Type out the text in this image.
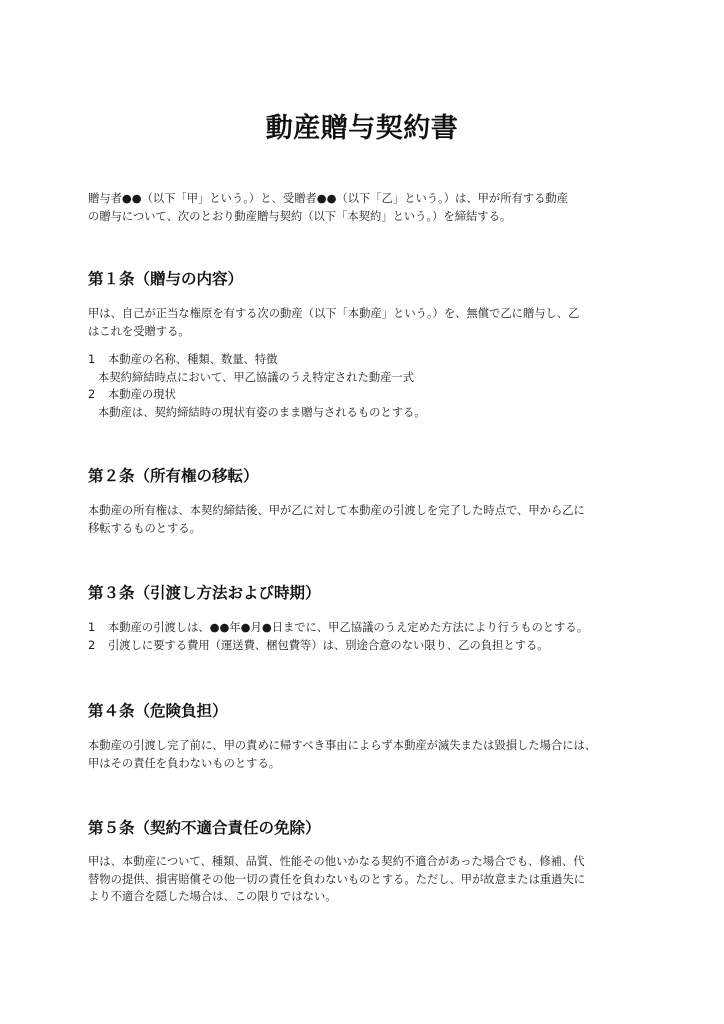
動産贈与契約書
贈与者●●（以下「甲」という。）と、受贈者●●（以下「乙」という。）は、甲が所有する動産
の贈与について、次のとおり動産贈与契約（以下「本契約」という。）を締結する。
第１条（贈与の内容）
甲は、自己が正当な権原を有する次の動産（以下「本動産」という。）を、無償で乙に贈与し、乙
はこれを受贈する。
1 本動産の名称、種類、数量、特徴
本契約締結時点において、甲乙協議のうえ特定された動産一式
2 本動産の現状
本動産は、契約締結時の現状有姿のまま贈与されるものとする。
第２条（所有権の移転）
本動産の所有権は、本契約締結後、甲が乙に対して本動産の引渡しを完了した時点で、甲から乙に
移転するものとする。
第３条（引渡し方法および時期）
1 本動産の引渡しは、●●年●月●日までに、甲乙協議のうえ定めた方法により行うものとする。
2 引渡しに要する費用（運送費、梱包費等）は、別途合意のない限り、乙の負担とする。
第４条（危険負担）
本動産の引渡し完了前に、甲の責めに帰すべき事由によらず本動産が滅失または毀損した場合には、
甲はその責任を負わないものとする。
第５条（契約不適合責任の免除）
甲は、本動産について、種類、品質、性能その他いかなる契約不適合があった場合でも、修補、代
替物の提供、損害賠償その他一切の責任を負わないものとする。ただし、甲が故意または重過失に
より不適合を隠した場合は、この限りではない。
